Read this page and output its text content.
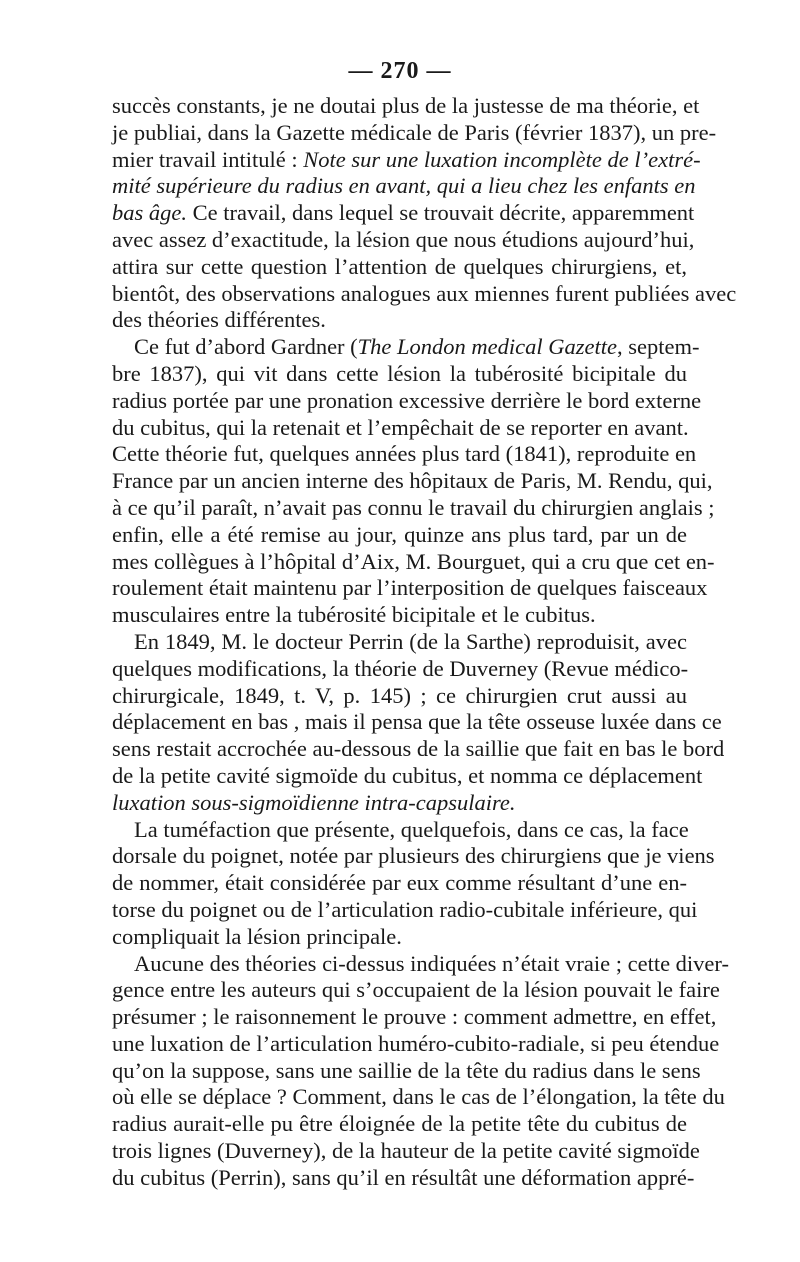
— 270 —
succès constants, je ne doutai plus de la justesse de ma théorie, et
je publiai, dans la Gazette médicale de Paris (février 1837), un pre-
mier travail intitulé : Note sur une luxation incomplète de l’extré-
mité supérieure du radius en avant, qui a lieu chez les enfants en
bas âge. Ce travail, dans lequel se trouvait décrite, apparemment
avec assez d’exactitude, la lésion que nous étudions aujourd’hui,
attira sur cette question l’attention de quelques chirurgiens, et,
bientôt, des observations analogues aux miennes furent publiées avec
des théories différentes.
Ce fut d’abord Gardner (The London medical Gazette, septem-
bre 1837), qui vit dans cette lésion la tubérosité bicipitale du
radius portée par une pronation excessive derrière le bord externe
du cubitus, qui la retenait et l’empêchait de se reporter en avant.
Cette théorie fut, quelques années plus tard (1841), reproduite en
France par un ancien interne des hôpitaux de Paris, M. Rendu, qui,
à ce qu’il paraît, n’avait pas connu le travail du chirurgien anglais ;
enfin, elle a été remise au jour, quinze ans plus tard, par un de
mes collègues à l’hôpital d’Aix, M. Bourguet, qui a cru que cet en-
roulement était maintenu par l’interposition de quelques faisceaux
musculaires entre la tubérosité bicipitale et le cubitus.
En 1849, M. le docteur Perrin (de la Sarthe) reproduisit, avec
quelques modifications, la théorie de Duverney (Revue médico-
chirurgicale, 1849, t. V, p. 145) ; ce chirurgien crut aussi au
déplacement en bas , mais il pensa que la tête osseuse luxée dans ce
sens restait accrochée au-dessous de la saillie que fait en bas le bord
de la petite cavité sigmoïde du cubitus, et nomma ce déplacement
luxation sous-sigmoïdienne intra-capsulaire.
La tuméfaction que présente, quelquefois, dans ce cas, la face
dorsale du poignet, notée par plusieurs des chirurgiens que je viens
de nommer, était considérée par eux comme résultant d’une en-
torse du poignet ou de l’articulation radio-cubitale inférieure, qui
compliquait la lésion principale.
Aucune des théories ci-dessus indiquées n’était vraie ; cette diver-
gence entre les auteurs qui s’occupaient de la lésion pouvait le faire
présumer ; le raisonnement le prouve : comment admettre, en effet,
une luxation de l’articulation huméro-cubito-radiale, si peu étendue
qu’on la suppose, sans une saillie de la tête du radius dans le sens
où elle se déplace ? Comment, dans le cas de l’élongation, la tête du
radius aurait-elle pu être éloignée de la petite tête du cubitus de
trois lignes (Duverney), de la hauteur de la petite cavité sigmoïde
du cubitus (Perrin), sans qu’il en résultât une déformation appré-
